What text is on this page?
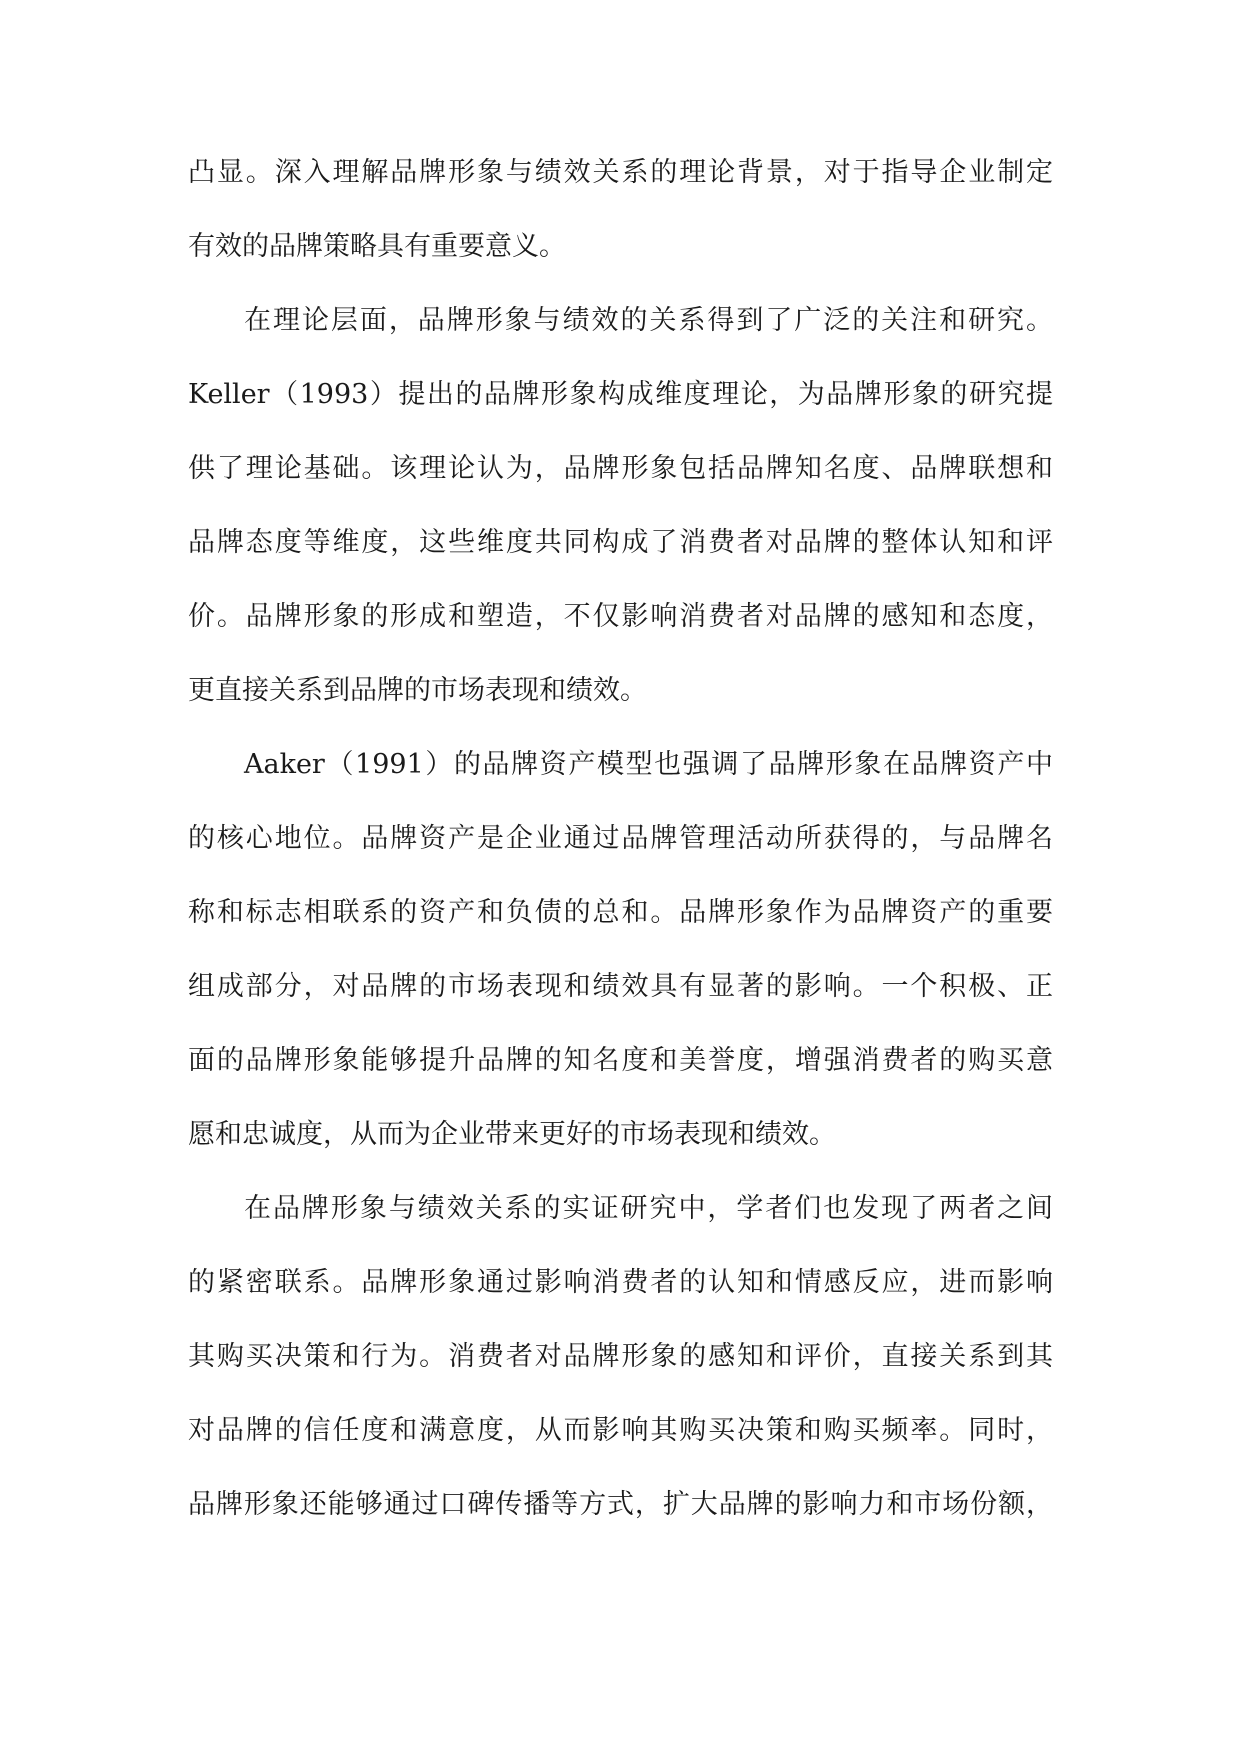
凸显。深入理解品牌形象与绩效关系的理论背景，对于指导企业制定
有效的品牌策略具有重要意义。
在理论层面，品牌形象与绩效的关系得到了广泛的关注和研究。
Keller（1993）提出的品牌形象构成维度理论，为品牌形象的研究提
供了理论基础。该理论认为，品牌形象包括品牌知名度、品牌联想和
品牌态度等维度，这些维度共同构成了消费者对品牌的整体认知和评
价。品牌形象的形成和塑造，不仅影响消费者对品牌的感知和态度，
更直接关系到品牌的市场表现和绩效。
Aaker（1991）的品牌资产模型也强调了品牌形象在品牌资产中
的核心地位。品牌资产是企业通过品牌管理活动所获得的，与品牌名
称和标志相联系的资产和负债的总和。品牌形象作为品牌资产的重要
组成部分，对品牌的市场表现和绩效具有显著的影响。一个积极、正
面的品牌形象能够提升品牌的知名度和美誉度，增强消费者的购买意
愿和忠诚度，从而为企业带来更好的市场表现和绩效。
在品牌形象与绩效关系的实证研究中，学者们也发现了两者之间
的紧密联系。品牌形象通过影响消费者的认知和情感反应，进而影响
其购买决策和行为。消费者对品牌形象的感知和评价，直接关系到其
对品牌的信任度和满意度，从而影响其购买决策和购买频率。同时，
品牌形象还能够通过口碑传播等方式，扩大品牌的影响力和市场份额，
